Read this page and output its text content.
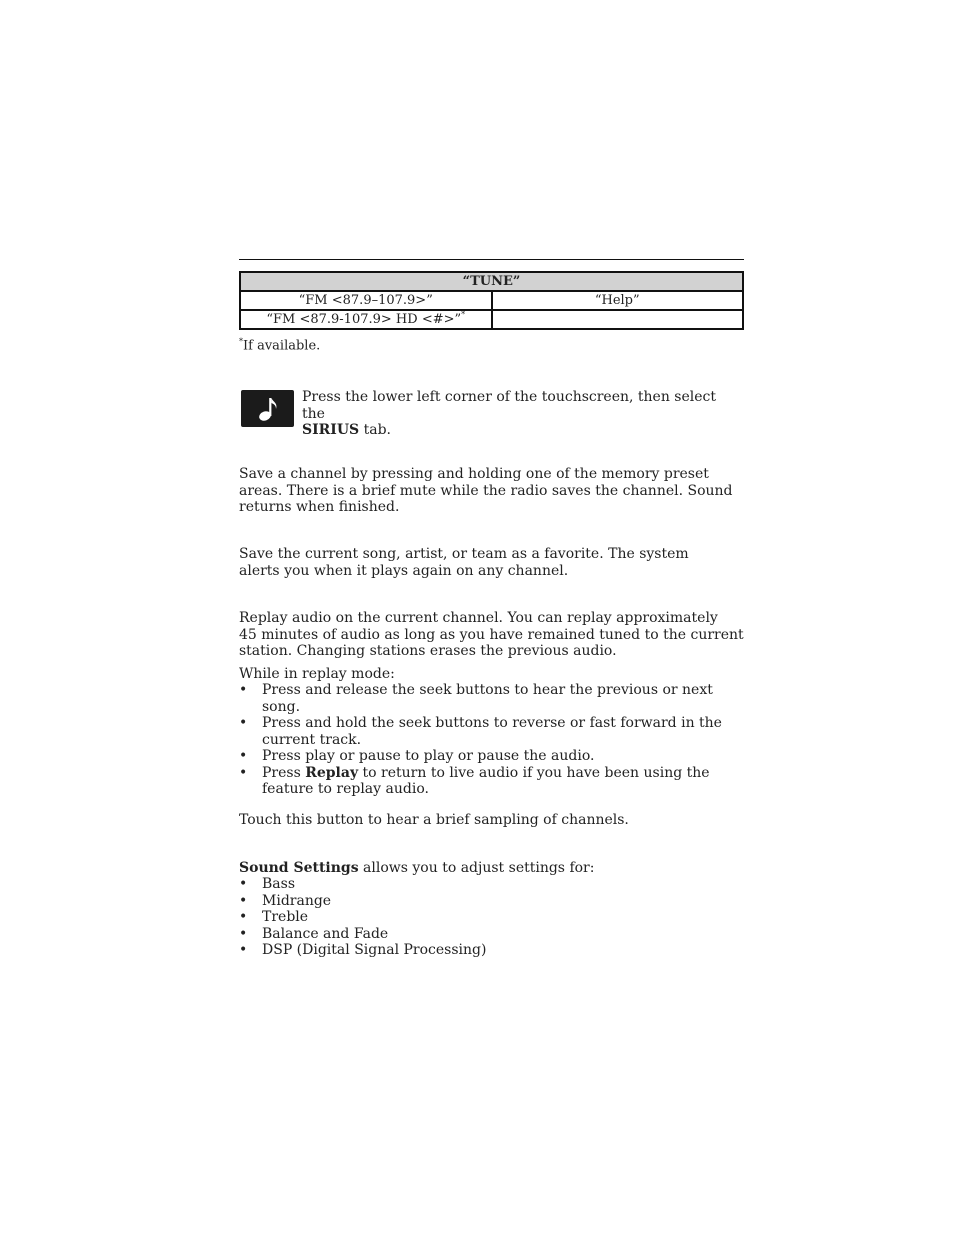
“TUNE”	
“FM <87.9–107.9>”	“Help”
“FM <87.9-107.9> HD <#>”*	
*If available.

Press the lower left corner of the touchscreen, then select the
SIRIUS tab.

Save a channel by pressing and holding one of the memory preset areas. There is a brief mute while the radio saves the channel. Sound returns when finished.

Save the current song, artist, or team as a favorite. The system alerts you when it plays again on any channel.

Replay audio on the current channel. You can replay approximately
45 minutes of audio as long as you have remained tuned to the current station. Changing stations erases the previous audio.

While in replay mode:

• Press and release the seek buttons to hear the previous or next song.
• Press and hold the seek buttons to reverse or fast forward in the current track.
• Press play or pause to play or pause the audio.
• Press Replay to return to live audio if you have been using the feature to replay audio.

Touch this button to hear a brief sampling of channels.

Sound Settings allows you to adjust settings for:

• Bass
• Midrange
• Treble
• Balance and Fade
• DSP (Digital Signal Processing)
